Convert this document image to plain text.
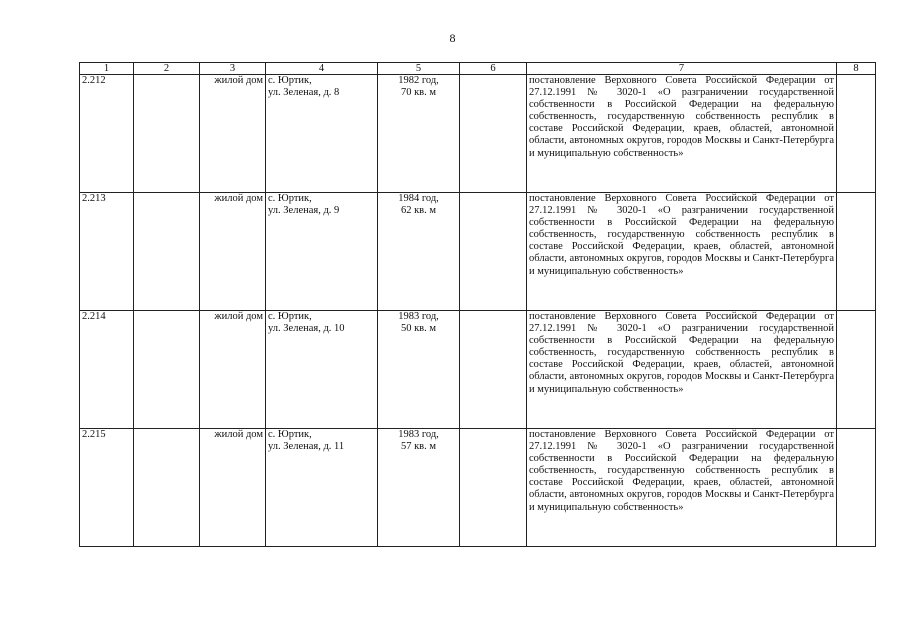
8
1	2	3	4	5	6	7	8
2.212		жилой дом	с. Юртик,
ул. Зеленая, д. 8	1982 год,
70 кв. м		постановление Верховного Совета Российской Федерации от 27.12.1991 № 3020-1 «О разграничении государственной собственности в Российской Федерации на федеральную собственность, государственную собственность республик в составе Российской Федерации, краев, областей, автономной области, автономных округов, городов Москвы и Санкт-Петербурга и муниципальную собственность»	
2.213		жилой дом	с. Юртик,
ул. Зеленая, д. 9	1984 год,
62 кв. м		постановление Верховного Совета Российской Федерации от 27.12.1991 № 3020-1 «О разграничении государственной собственности в Российской Федерации на федеральную собственность, государственную собственность республик в составе Российской Федерации, краев, областей, автономной области, автономных округов, городов Москвы и Санкт-Петербурга и муниципальную собственность»	
2.214		жилой дом	с. Юртик,
ул. Зеленая, д. 10	1983 год,
50 кв. м		постановление Верховного Совета Российской Федерации от 27.12.1991 № 3020-1 «О разграничении государственной собственности в Российской Федерации на федеральную собственность, государственную собственность республик в составе Российской Федерации, краев, областей, автономной области, автономных округов, городов Москвы и Санкт-Петербурга и муниципальную собственность»	
2.215		жилой дом	с. Юртик,
ул. Зеленая, д. 11	1983 год,
57 кв. м		постановление Верховного Совета Российской Федерации от 27.12.1991 № 3020-1 «О разграничении государственной собственности в Российской Федерации на федеральную собственность, государственную собственность республик в составе Российской Федерации, краев, областей, автономной области, автономных округов, городов Москвы и Санкт-Петербурга и муниципальную собственность»	
